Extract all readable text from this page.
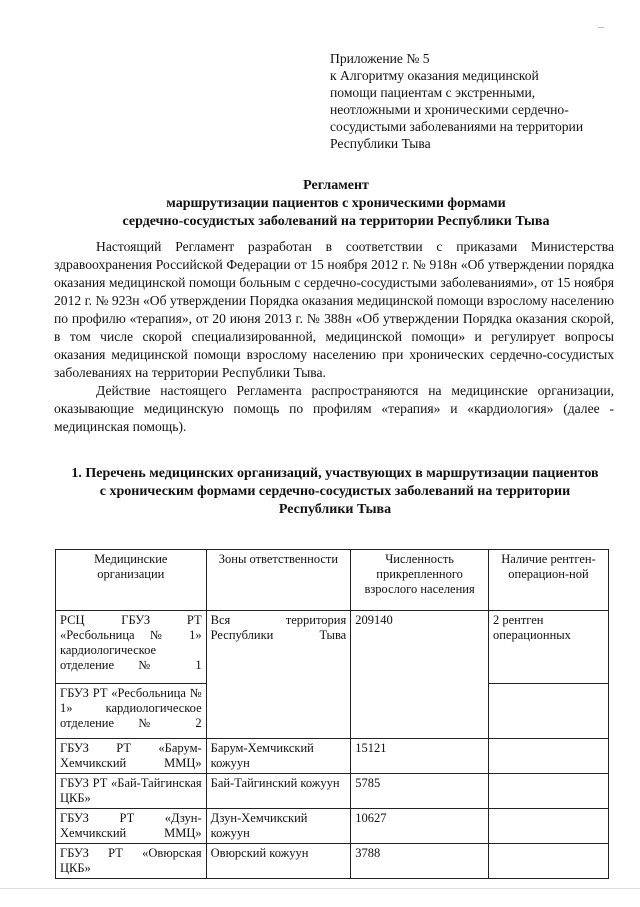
Приложение № 5
к Алгоритму оказания медицинской
помощи пациентам с экстренными,
неотложными и хроническими сердечно-
сосудистыми заболеваниями на территории
Республики Тыва
Регламент
маршрутизации пациентов с хроническими формами
сердечно-сосудистых заболеваний на территории Республики Тыва

Настоящий Регламент разработан в соответствии с приказами Министерства здравоохранения Российской Федерации от 15 ноября 2012 г. № 918н «Об утверждении порядка оказания медицинской помощи больным с сердечно-сосудистыми заболеваниями», от 15 ноября 2012 г. № 923н «Об утверждении Порядка оказания медицинской помощи взрослому населению по профилю «терапия», от 20 июня 2013 г. № 388н «Об утверждении Порядка оказания скорой, в том числе скорой специализированной, медицинской помощи» и регулирует вопросы оказания медицинской помощи взрослому населению при хронических сердечно-сосудистых заболеваниях на территории Республики Тыва.

Действие настоящего Регламента распространяются на медицинские организации, оказывающие медицинскую помощь по профилям «терапия» и «кардиология» (далее - медицинская помощь).

1. Перечень медицинских организаций, участвующих в маршрутизации пациентов с хроническим формами сердечно-сосудистых заболеваний на территории Республики Тыва
Медицинские организации	Зоны ответственности	Численность прикрепленного взрослого населения	Наличие рентген-операцион-ной
РСЦ ГБУЗ РТ «Ресбольница № 1» кардиологическое отделение № 1	Вся территория Республики Тыва	209140	2 рентген операционных
ГБУЗ РТ «Ресбольница № 1» кардиологическое отделение № 2			
ГБУЗ РТ «Барум-Хемчикский ММЦ»	Барум-Хемчикский кожуун	15121	
ГБУЗ РТ «Бай-Тайгинская ЦКБ»	Бай-Тайгинский кожуун	5785	
ГБУЗ РТ «Дзун-Хемчикский ММЦ»	Дзун-Хемчикский кожуун	10627	
ГБУЗ РТ «Овюрская ЦКБ»	Овюрский кожуун	3788	
